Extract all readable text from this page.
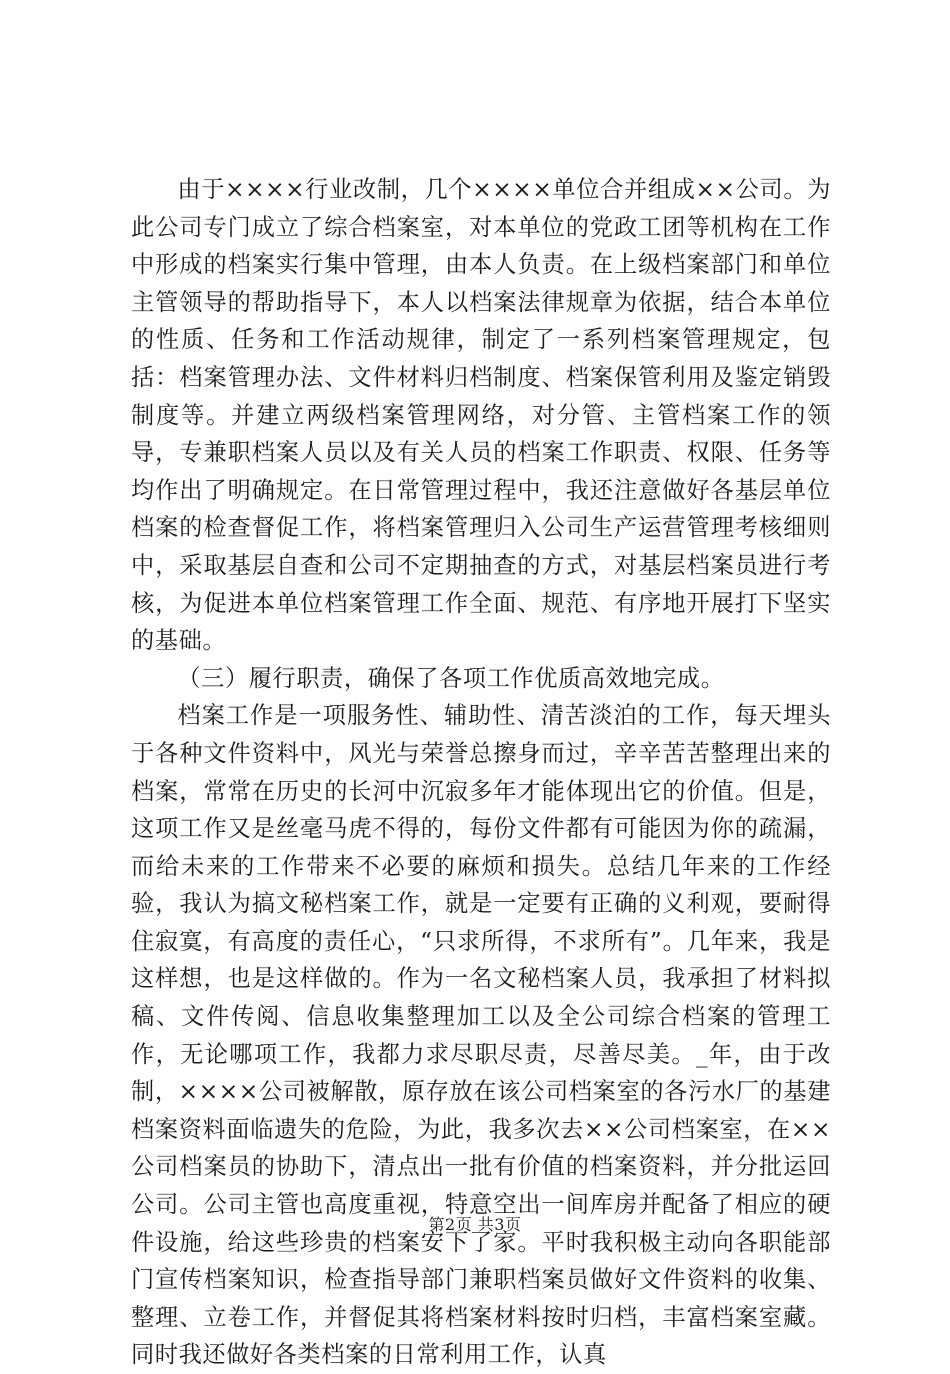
由于××××行业改制，几个××××单位合并组成××公司。为此公司专门成立了综合档案室，对本单位的党政工团等机构在工作中形成的档案实行集中管理，由本人负责。在上级档案部门和单位主管领导的帮助指导下，本人以档案法律规章为依据，结合本单位的性质、任务和工作活动规律，制定了一系列档案管理规定，包括：档案管理办法、文件材料归档制度、档案保管利用及鉴定销毁制度等。并建立两级档案管理网络，对分管、主管档案工作的领导，专兼职档案人员以及有关人员的档案工作职责、权限、任务等均作出了明确规定。在日常管理过程中，我还注意做好各基层单位档案的检查督促工作，将档案管理归入公司生产运营管理考核细则中，采取基层自查和公司不定期抽查的方式，对基层档案员进行考核，为促进本单位档案管理工作全面、规范、有序地开展打下坚实的基础。

（三）履行职责，确保了各项工作优质高效地完成。

档案工作是一项服务性、辅助性、清苦淡泊的工作，每天埋头于各种文件资料中，风光与荣誉总擦身而过，辛辛苦苦整理出来的档案，常常在历史的长河中沉寂多年才能体现出它的价值。但是，这项工作又是丝毫马虎不得的，每份文件都有可能因为你的疏漏，而给未来的工作带来不必要的麻烦和损失。总结几年来的工作经验，我认为搞文秘档案工作，就是一定要有正确的义利观，要耐得住寂寞，有高度的责任心，“只求所得，不求所有”。几年来，我是这样想，也是这样做的。作为一名文秘档案人员，我承担了材料拟稿、文件传阅、信息收集整理加工以及全公司综合档案的管理工作，无论哪项工作，我都力求尽职尽责，尽善尽美。_年，由于改制，××××公司被解散，原存放在该公司档案室的各污水厂的基建档案资料面临遗失的危险，为此，我多次去××公司档案室，在××公司档案员的协助下，清点出一批有价值的档案资料，并分批运回公司。公司主管也高度重视，特意空出一间库房并配备了相应的硬件设施，给这些珍贵的档案安下了家。平时我积极主动向各职能部门宣传档案知识，检查指导部门兼职档案员做好文件资料的收集、整理、立卷工作，并督促其将档案材料按时归档，丰富档案室藏。同时我还做好各类档案的日常利用工作，认真

第2页 共3页
